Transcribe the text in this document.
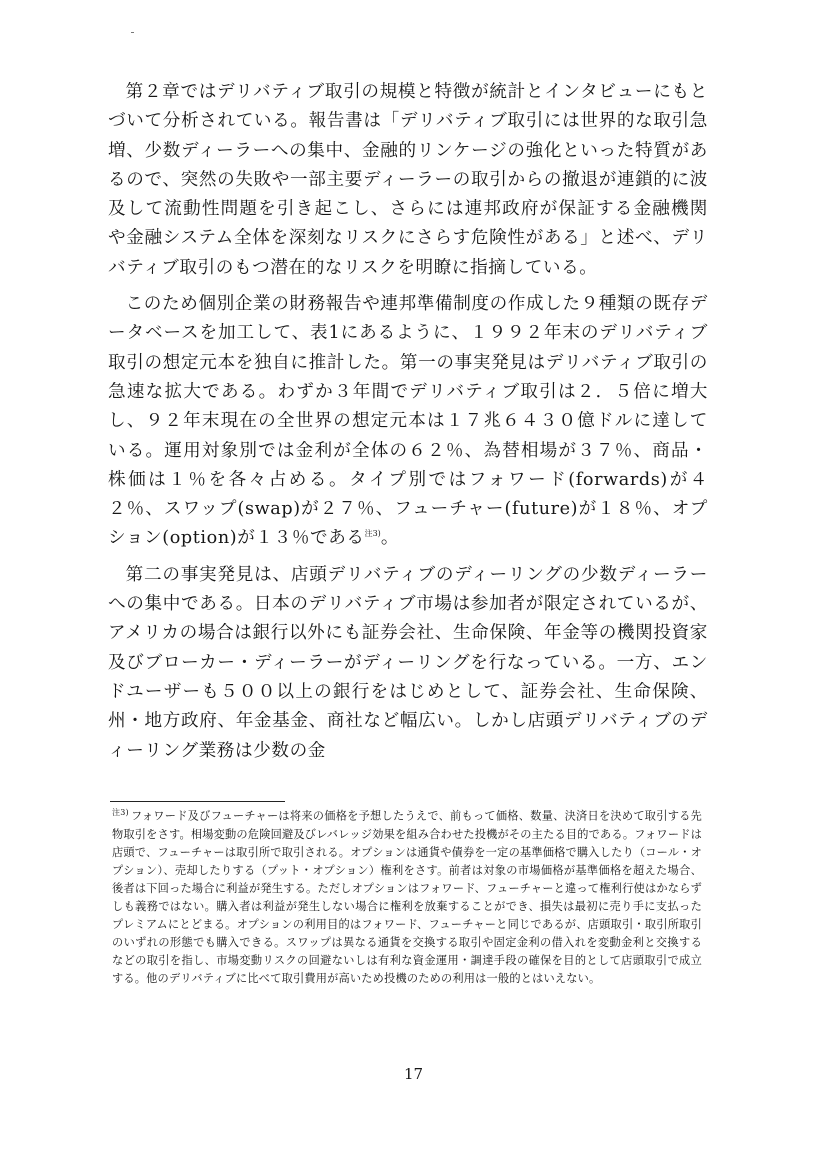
第２章ではデリバティブ取引の規模と特徴が統計とインタビューにもとづいて分析されている。報告書は「デリバティブ取引には世界的な取引急増、少数ディーラーへの集中、金融的リンケージの強化といった特質があるので、突然の失敗や一部主要ディーラーの取引からの撤退が連鎖的に波及して流動性問題を引き起こし、さらには連邦政府が保証する金融機関や金融システム全体を深刻なリスクにさらす危険性がある」と述べ、デリバティブ取引のもつ潜在的なリスクを明瞭に指摘している。

このため個別企業の財務報告や連邦準備制度の作成した９種類の既存データベースを加工して、表1にあるように、１９９２年末のデリバティブ取引の想定元本を独自に推計した。第一の事実発見はデリバティブ取引の急速な拡大である。わずか３年間でデリバティブ取引は２．５倍に増大し、９２年末現在の全世界の想定元本は１７兆６４３０億ドルに達している。運用対象別では金利が全体の６２％、為替相場が３７％、商品・株価は１％を各々占める。タイプ別ではフォワード(forwards)が４２％、スワップ(swap)が２７％、フューチャー(future)が１８％、オプション(option)が１３％である$^{注3)}$。

第二の事実発見は、店頭デリバティブのディーリングの少数ディーラーへの集中である。日本のデリバティブ市場は参加者が限定されているが、アメリカの場合は銀行以外にも証券会社、生命保険、年金等の機関投資家及びブローカー・ディーラーがディーリングを行なっている。一方、エンドユーザーも５００以上の銀行をはじめとして、証券会社、生命保険、州・地方政府、年金基金、商社など幅広い。しかし店頭デリバティブのディーリング業務は少数の金

$^{注3)}$ フォワード及びフューチャーは将来の価格を予想したうえで、前もって価格、数量、決済日を決めて取引する先物取引をさす。相場変動の危険回避及びレバレッジ効果を組み合わせた投機がその主たる目的である。フォワードは店頭で、フューチャーは取引所で取引される。オプションは通貨や債券を一定の基準価格で購入したり（コール・オプション）、売却したりする（プット・オプション）権利をさす。前者は対象の市場価格が基準価格を超えた場合、後者は下回った場合に利益が発生する。ただしオプションはフォワード、フューチャーと違って権利行使はかならずしも義務ではない。購入者は利益が発生しない場合に権利を放棄することができ、損失は最初に売り手に支払ったプレミアムにとどまる。オプションの利用目的はフォワード、フューチャーと同じであるが、店頭取引・取引所取引のいずれの形態でも購入できる。スワップは異なる通貨を交換する取引や固定金利の借入れを変動金利と交換するなどの取引を指し、市場変動リスクの回避ないしは有利な資金運用・調達手段の確保を目的として店頭取引で成立する。他のデリバティブに比べて取引費用が高いため投機のための利用は一般的とはいえない。
17
